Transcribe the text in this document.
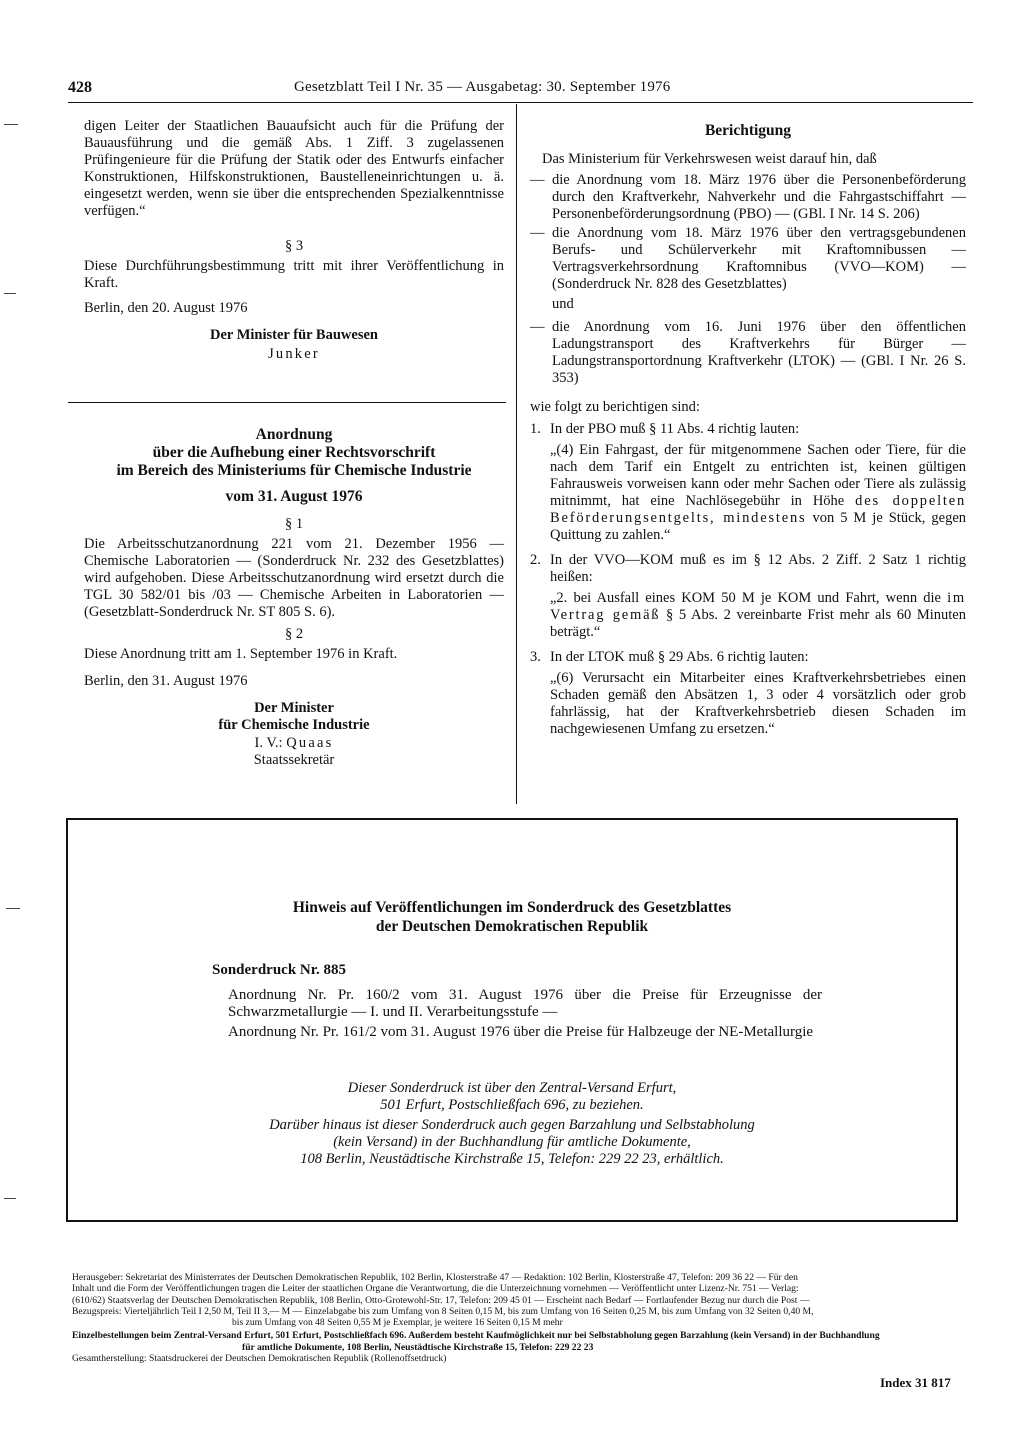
428	Gesetzblatt Teil I Nr. 35 — Ausgabetag: 30. September 1976

digen Leiter der Staatlichen Bauaufsicht auch für die Prüfung der Bauausführung und die gemäß Abs. 1 Ziff. 3 zugelassenen Prüfingenieure für die Prüfung der Statik oder des Entwurfs einfacher Konstruktionen, Hilfskonstruktionen, Baustelleneinrichtungen u. ä. eingesetzt werden, wenn sie über die entsprechenden Spezialkenntnisse verfügen.“

§ 3

Diese Durchführungsbestimmung tritt mit ihrer Veröffentlichung in Kraft.

Berlin, den 20. August 1976

Der Minister für Bauwesen

Junker

Anordnung

über die Aufhebung einer Rechtsvorschrift

im Bereich des Ministeriums für Chemische Industrie

vom 31. August 1976

§ 1

Die Arbeitsschutzanordnung 221 vom 21. Dezember 1956 — Chemische Laboratorien — (Sonderdruck Nr. 232 des Gesetzblattes) wird aufgehoben. Diese Arbeitsschutzanordnung wird ersetzt durch die TGL 30 582/01 bis /03 — Chemische Arbeiten in Laboratorien — (Gesetzblatt-Sonderdruck Nr. ST 805 S. 6).

§ 2

Diese Anordnung tritt am 1. September 1976 in Kraft.

Berlin, den 31. August 1976

Der Minister

für Chemische Industrie

I. V.: Quaas

Staatssekretär

Berichtigung

Das Ministerium für Verkehrswesen weist darauf hin, daß

— die Anordnung vom 18. März 1976 über die Personenbeförderung durch den Kraftverkehr, Nahverkehr und die Fahrgastschiffahrt — Personenbeförderungsordnung (PBO) — (GBl. I Nr. 14 S. 206)
— die Anordnung vom 18. März 1976 über den vertragsgebundenen Berufs- und Schülerverkehr mit Kraftomnibussen — Vertragsverkehrsordnung Kraftomnibus (VVO—KOM) — (Sonderdruck Nr. 828 des Gesetzblattes)

und

— die Anordnung vom 16. Juni 1976 über den öffentlichen Ladungstransport des Kraftverkehrs für Bürger — Ladungstransportordnung Kraftverkehr (LTOK) — (GBl. I Nr. 26 S. 353)

wie folgt zu berichtigen sind:

1. In der PBO muß § 11 Abs. 4 richtig lauten:

„(4) Ein Fahrgast, der für mitgenommene Sachen oder Tiere, für die nach dem Tarif ein Entgelt zu entrichten ist, keinen gültigen Fahrausweis vorweisen kann oder mehr Sachen oder Tiere als zulässig mitnimmt, hat eine Nachlösegebühr in Höhe des doppelten Beförderungsentgelts, mindestens von 5 M je Stück, gegen Quittung zu zahlen.“

2. In der VVO—KOM muß es im § 12 Abs. 2 Ziff. 2 Satz 1 richtig heißen:

„2. bei Ausfall eines KOM 50 M je KOM und Fahrt, wenn die im Vertrag gemäß § 5 Abs. 2 vereinbarte Frist mehr als 60 Minuten beträgt.“

3. In der LTOK muß § 29 Abs. 6 richtig lauten:

„(6) Verursacht ein Mitarbeiter eines Kraftverkehrsbetriebes einen Schaden gemäß den Absätzen 1, 3 oder 4 vorsätzlich oder grob fahrlässig, hat der Kraftverkehrsbetrieb diesen Schaden im nachgewiesenen Umfang zu ersetzen.“

Hinweis auf Veröffentlichungen im Sonderdruck des Gesetzblattes
der Deutschen Demokratischen Republik
Sonderdruck Nr. 885
Anordnung Nr. Pr. 160/2 vom 31. August 1976 über die Preise für Erzeugnisse der Schwarzmetallurgie — I. und II. Verarbeitungsstufe —
Anordnung Nr. Pr. 161/2 vom 31. August 1976 über die Preise für Halbzeuge der NE-Metallurgie
Dieser Sonderdruck ist über den Zentral-Versand Erfurt,
501 Erfurt, Postschließfach 696, zu beziehen.
Darüber hinaus ist dieser Sonderdruck auch gegen Barzahlung und Selbstabholung
(kein Versand) in der Buchhandlung für amtliche Dokumente,
108 Berlin, Neustädtische Kirchstraße 15, Telefon: 229 22 23, erhältlich.

Herausgeber: Sekretariat des Ministerrates der Deutschen Demokratischen Republik, 102 Berlin, Klosterstraße 47 — Redaktion: 102 Berlin, Klosterstraße 47, Telefon: 209 36 22 — Für den

Inhalt und die Form der Veröffentlichungen tragen die Leiter der staatlichen Organe die Verantwortung, die die Unterzeichnung vornehmen — Veröffentlicht unter Lizenz-Nr. 751 — Verlag:

(610/62) Staatsverlag der Deutschen Demokratischen Republik, 108 Berlin, Otto-Grotewohl-Str. 17, Telefon: 209 45 01 — Erscheint nach Bedarf — Fortlaufender Bezug nur durch die Post —

Bezugspreis: Vierteljährlich Teil I 2,50 M, Teil II 3,— M — Einzelabgabe bis zum Umfang von 8 Seiten 0,15 M, bis zum Umfang von 16 Seiten 0,25 M, bis zum Umfang von 32 Seiten 0,40 M,

bis zum Umfang von 48 Seiten 0,55 M je Exemplar, je weitere 16 Seiten 0,15 M mehr

Einzelbestellungen beim Zentral-Versand Erfurt, 501 Erfurt, Postschließfach 696. Außerdem besteht Kaufmöglichkeit nur bei Selbstabholung gegen Barzahlung (kein Versand) in der Buchhandlung

für amtliche Dokumente, 108 Berlin, Neustädtische Kirchstraße 15, Telefon: 229 22 23

Gesamtherstellung: Staatsdruckerei der Deutschen Demokratischen Republik (Rollenoffsetdruck)

Index 31 817
